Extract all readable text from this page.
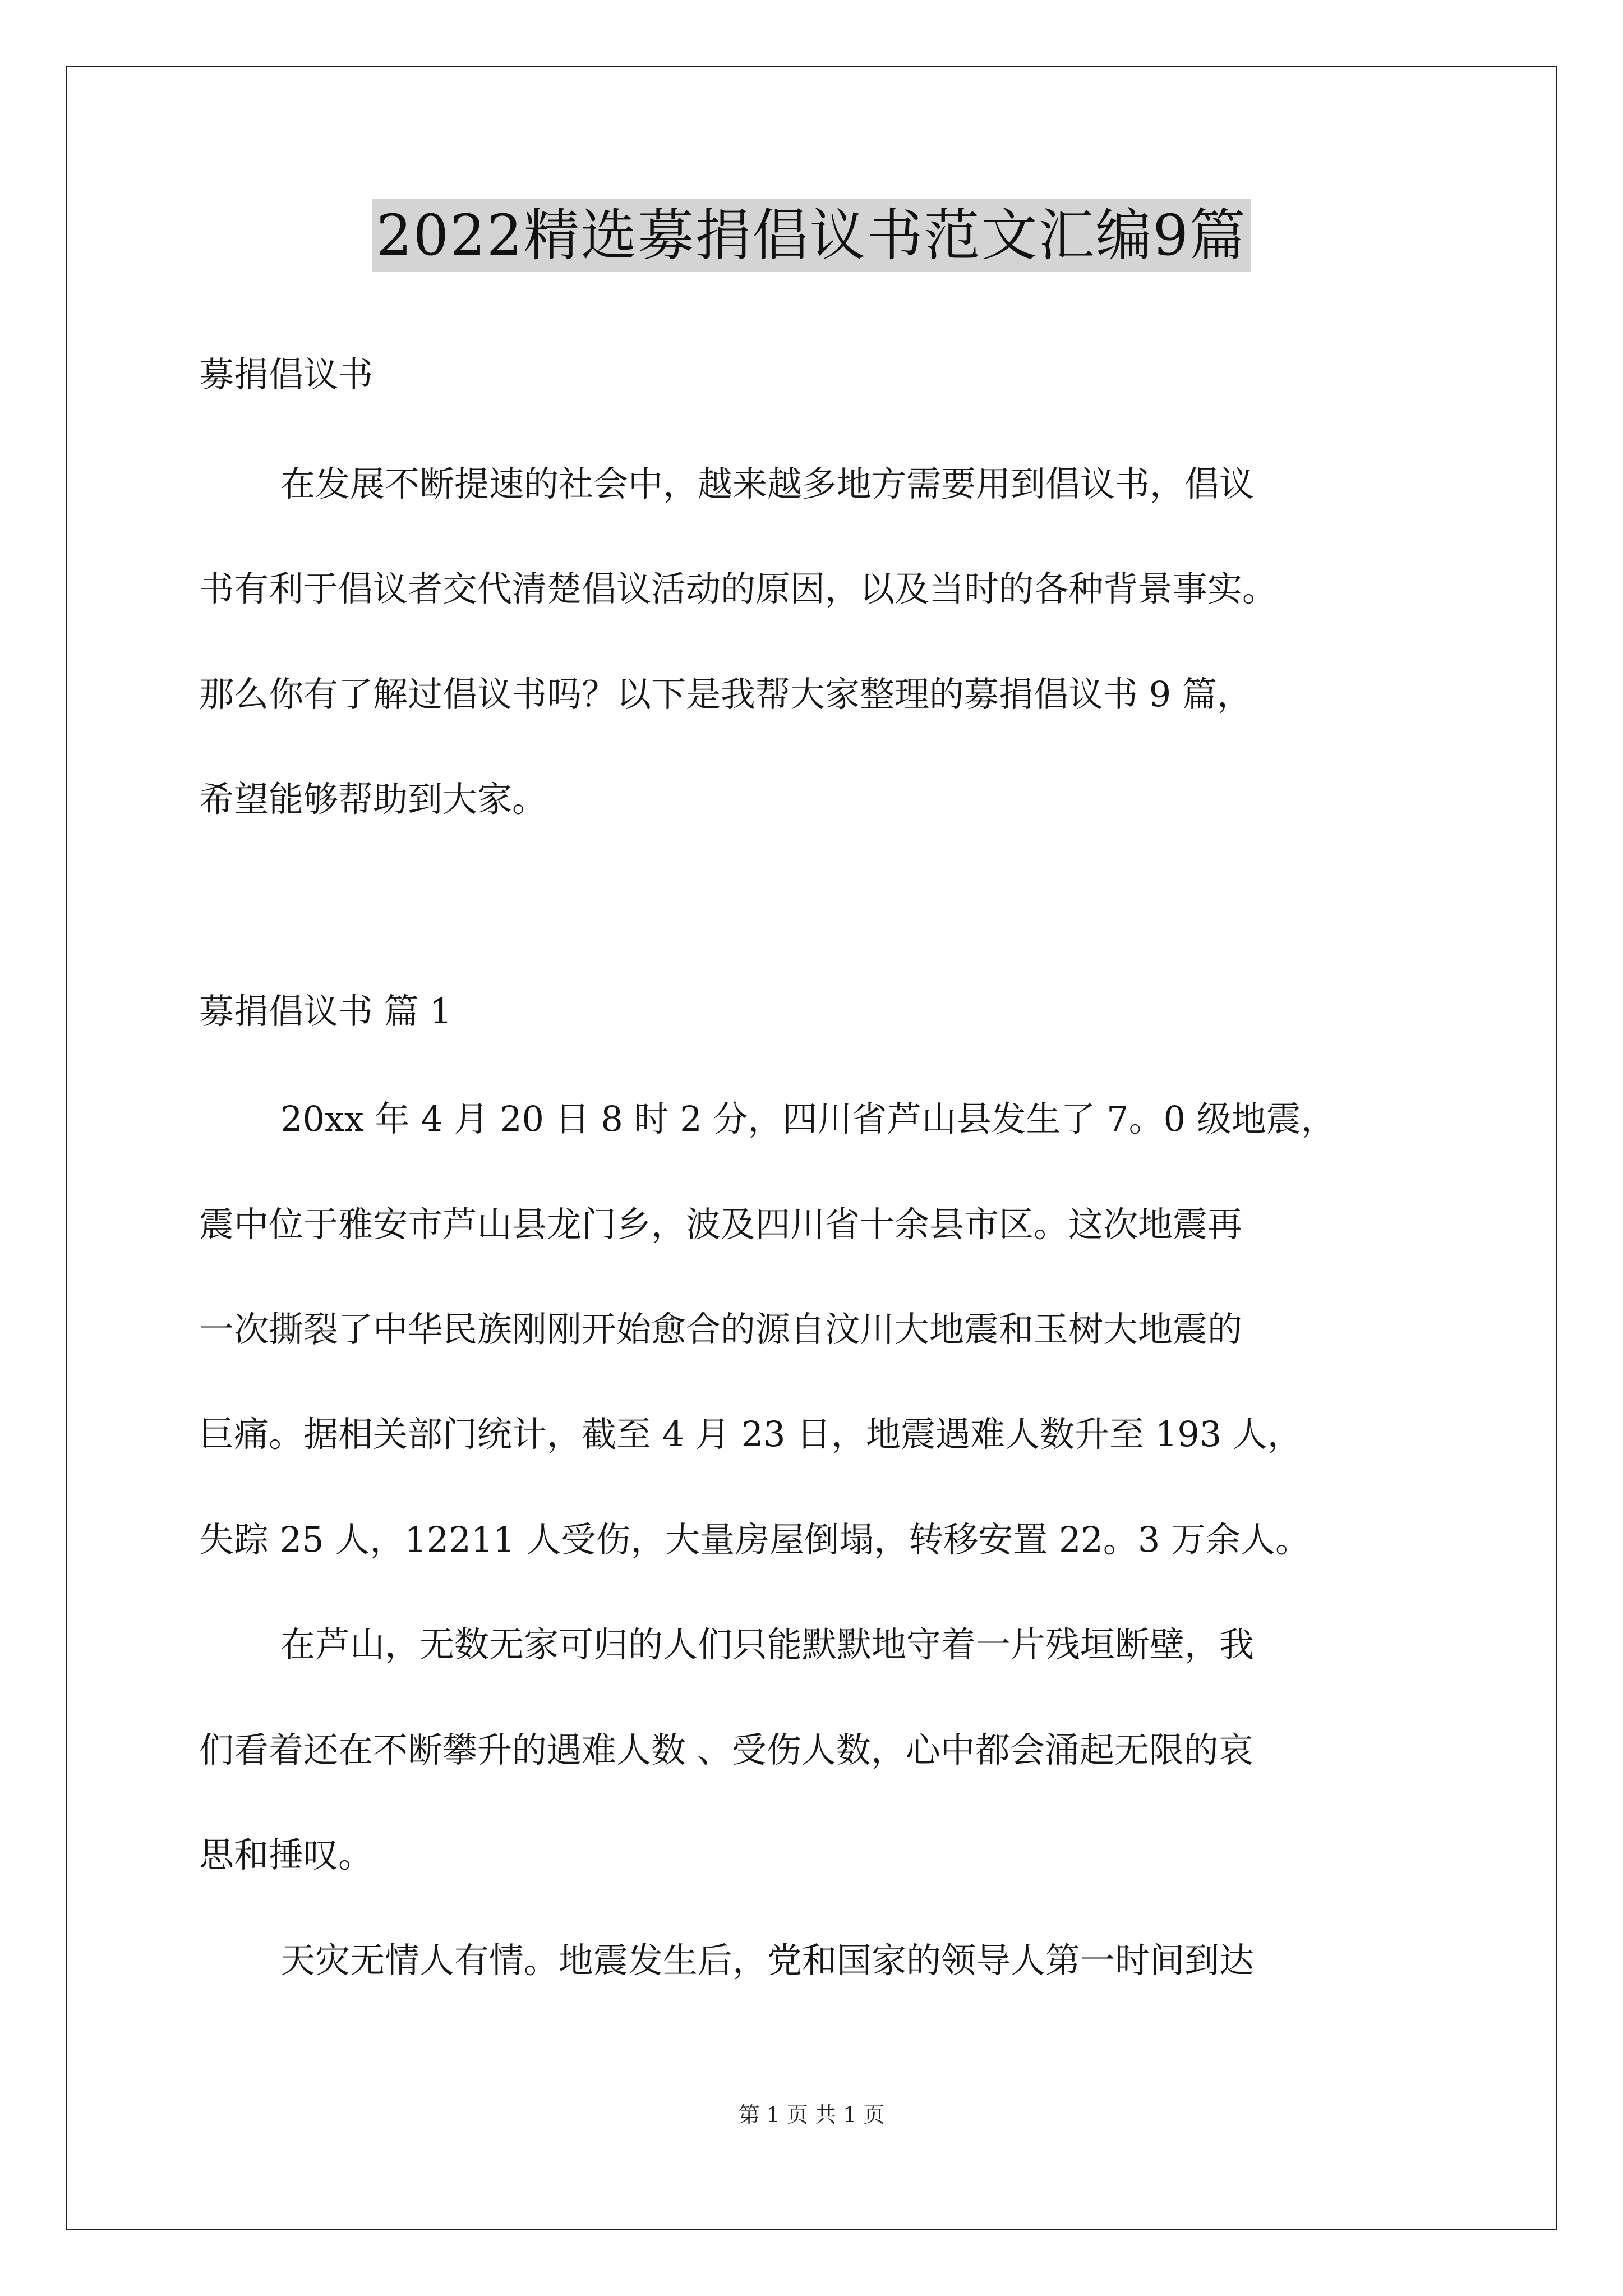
2022精选募捐倡议书范文汇编9篇
募捐倡议书
在发展不断提速的社会中，越来越多地方需要用到倡议书，倡议
书有利于倡议者交代清楚倡议活动的原因，以及当时的各种背景事实。
那么你有了解过倡议书吗？以下是我帮大家整理的募捐倡议书 9 篇，
希望能够帮助到大家。
募捐倡议书 篇 1
20xx 年 4 月 20 日 8 时 2 分，四川省芦山县发生了 7。0 级地震，
震中位于雅安市芦山县龙门乡，波及四川省十余县市区。这次地震再
一次撕裂了中华民族刚刚开始愈合的源自汶川大地震和玉树大地震的
巨痛。据相关部门统计，截至 4 月 23 日，地震遇难人数升至 193 人，
失踪 25 人，12211 人受伤，大量房屋倒塌，转移安置 22。3 万余人。
在芦山，无数无家可归的人们只能默默地守着一片残垣断壁，我
们看着还在不断攀升的遇难人数 、受伤人数，心中都会涌起无限的哀
思和捶叹。
天灾无情人有情。地震发生后，党和国家的领导人第一时间到达
第 1 页 共 1 页
